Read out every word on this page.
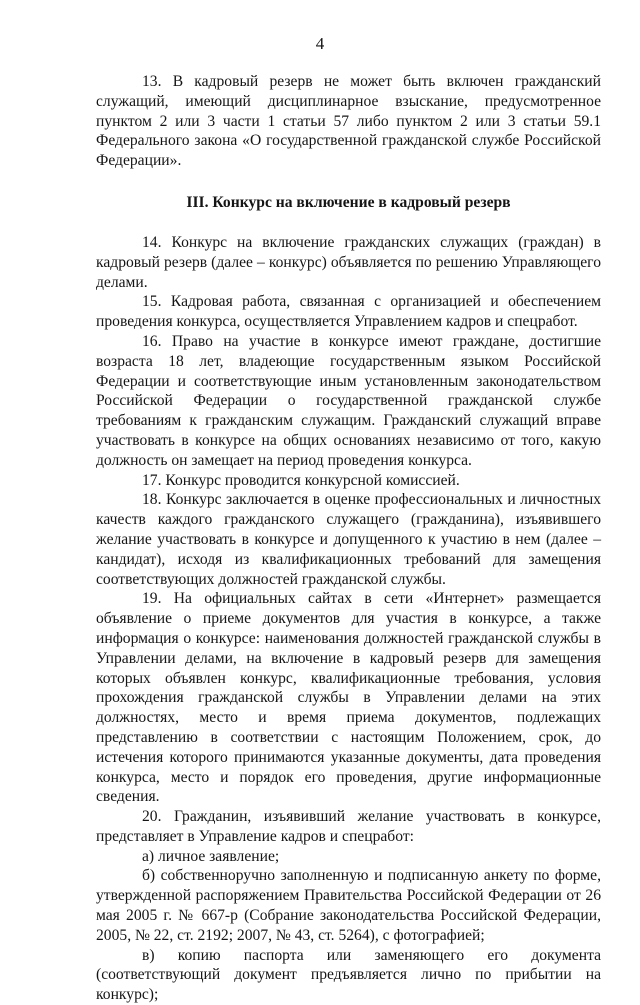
4

13. В кадровый резерв не может быть включен гражданский служащий, имеющий дисциплинарное взыскание, предусмотренное пунктом 2 или 3 части 1 статьи 57 либо пунктом 2 или 3 статьи 59.1 Федерального закона «О государственной гражданской службе Российской Федерации».

III. Конкурс на включение в кадровый резерв

14. Конкурс на включение гражданских служащих (граждан) в кадровый резерв (далее – конкурс) объявляется по решению Управляющего делами.

15. Кадровая работа, связанная с организацией и обеспечением проведения конкурса, осуществляется Управлением кадров и спецработ.

16. Право на участие в конкурсе имеют граждане, достигшие возраста 18 лет, владеющие государственным языком Российской Федерации и соответствующие иным установленным законодательством Российской Федерации о государственной гражданской службе требованиям к гражданским служащим. Гражданский служащий вправе участвовать в конкурсе на общих основаниях независимо от того, какую должность он замещает на период проведения конкурса.

17. Конкурс проводится конкурсной комиссией.

18. Конкурс заключается в оценке профессиональных и личностных качеств каждого гражданского служащего (гражданина), изъявившего желание участвовать в конкурсе и допущенного к участию в нем (далее – кандидат), исходя из квалификационных требований для замещения соответствующих должностей гражданской службы.

19. На официальных сайтах в сети «Интернет» размещается объявление о приеме документов для участия в конкурсе, а также информация о конкурсе: наименования должностей гражданской службы в Управлении делами, на включение в кадровый резерв для замещения которых объявлен конкурс, квалификационные требования, условия прохождения гражданской службы в Управлении делами на этих должностях, место и время приема документов, подлежащих представлению в соответствии с настоящим Положением, срок, до истечения которого принимаются указанные документы, дата проведения конкурса, место и порядок его проведения, другие информационные сведения.

20. Гражданин, изъявивший желание участвовать в конкурсе, представляет в Управление кадров и спецработ:

а) личное заявление;

б) собственноручно заполненную и подписанную анкету по форме, утвержденной распоряжением Правительства Российской Федерации от 26 мая 2005 г. № 667-р (Собрание законодательства Российской Федерации, 2005, № 22, ст. 2192; 2007, № 43, ст. 5264), с фотографией;

в) копию паспорта или заменяющего его документа (соответствующий документ предъявляется лично по прибытии на конкурс);
